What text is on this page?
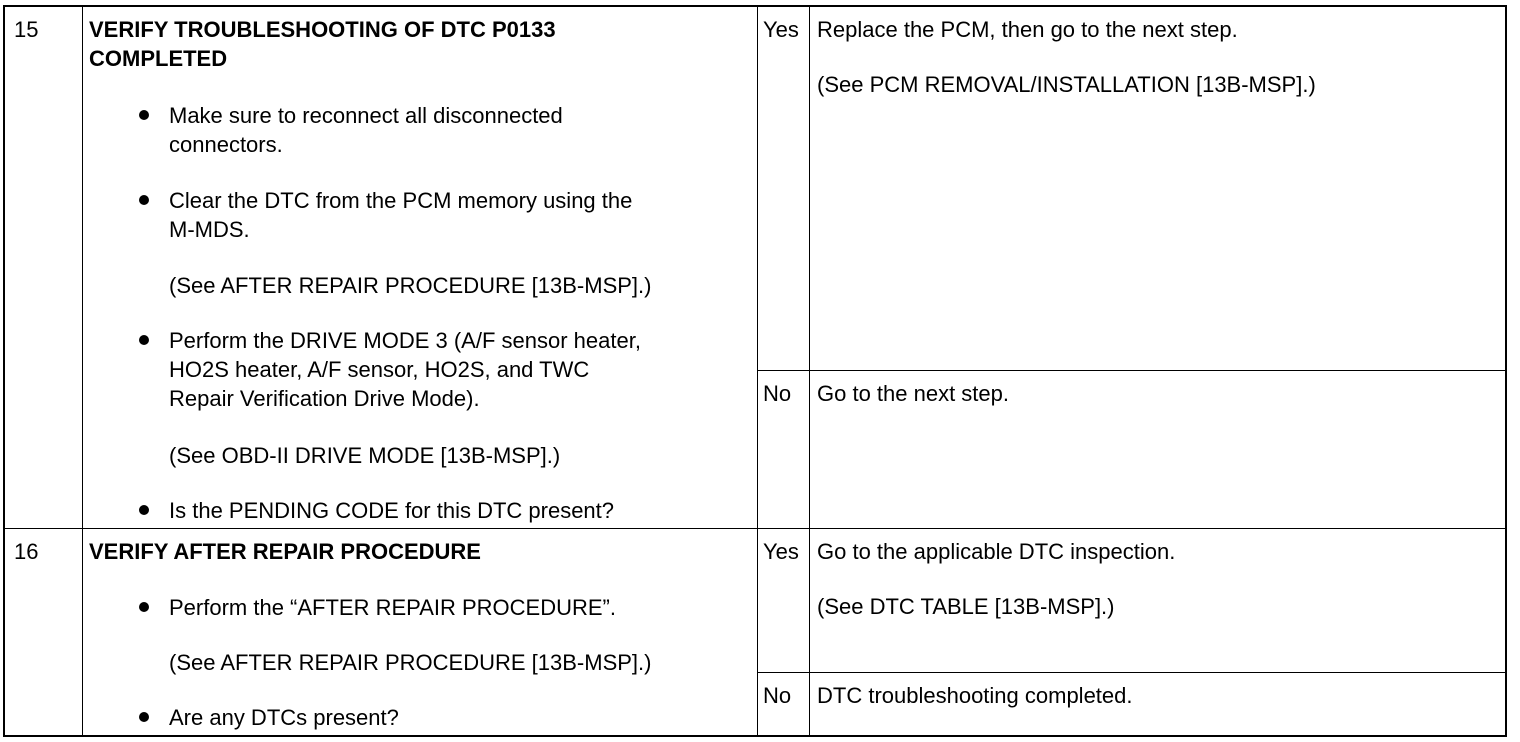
15 VERIFY TROUBLESHOOTING OF DTC P0133
COMPLETED
Make sure to reconnect all disconnected
connectors.
Clear the DTC from the PCM memory using the
M-MDS.
(See AFTER REPAIR PROCEDURE [13B-MSP].)
Perform the DRIVE MODE 3 (A/F sensor heater,
HO2S heater, A/F sensor, HO2S, and TWC
Repair Verification Drive Mode).
(See OBD-II DRIVE MODE [13B-MSP].)
Is the PENDING CODE for this DTC present?
Yes Replace the PCM, then go to the next step.
(See PCM REMOVAL/INSTALLATION [13B-MSP].)
No Go to the next step.
16 VERIFY AFTER REPAIR PROCEDURE
Perform the “AFTER REPAIR PROCEDURE”.
(See AFTER REPAIR PROCEDURE [13B-MSP].)
Are any DTCs present?
Yes Go to the applicable DTC inspection.
(See DTC TABLE [13B-MSP].)
No DTC troubleshooting completed.
